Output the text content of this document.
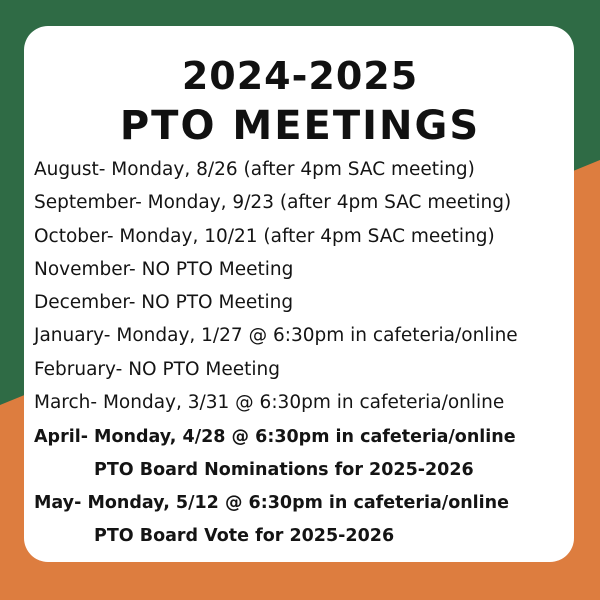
2024-2025
PTO MEETINGS
August- Monday, 8/26 (after 4pm SAC meeting)
September- Monday, 9/23 (after 4pm SAC meeting)
October- Monday, 10/21 (after 4pm SAC meeting)
November- NO PTO Meeting
December- NO PTO Meeting
January- Monday, 1/27 @ 6:30pm in cafeteria/online
February- NO PTO Meeting
March- Monday, 3/31 @ 6:30pm in cafeteria/online
April- Monday, 4/28 @ 6:30pm in cafeteria/online
PTO Board Nominations for 2025-2026
May- Monday, 5/12 @ 6:30pm in cafeteria/online
PTO Board Vote for 2025-2026
